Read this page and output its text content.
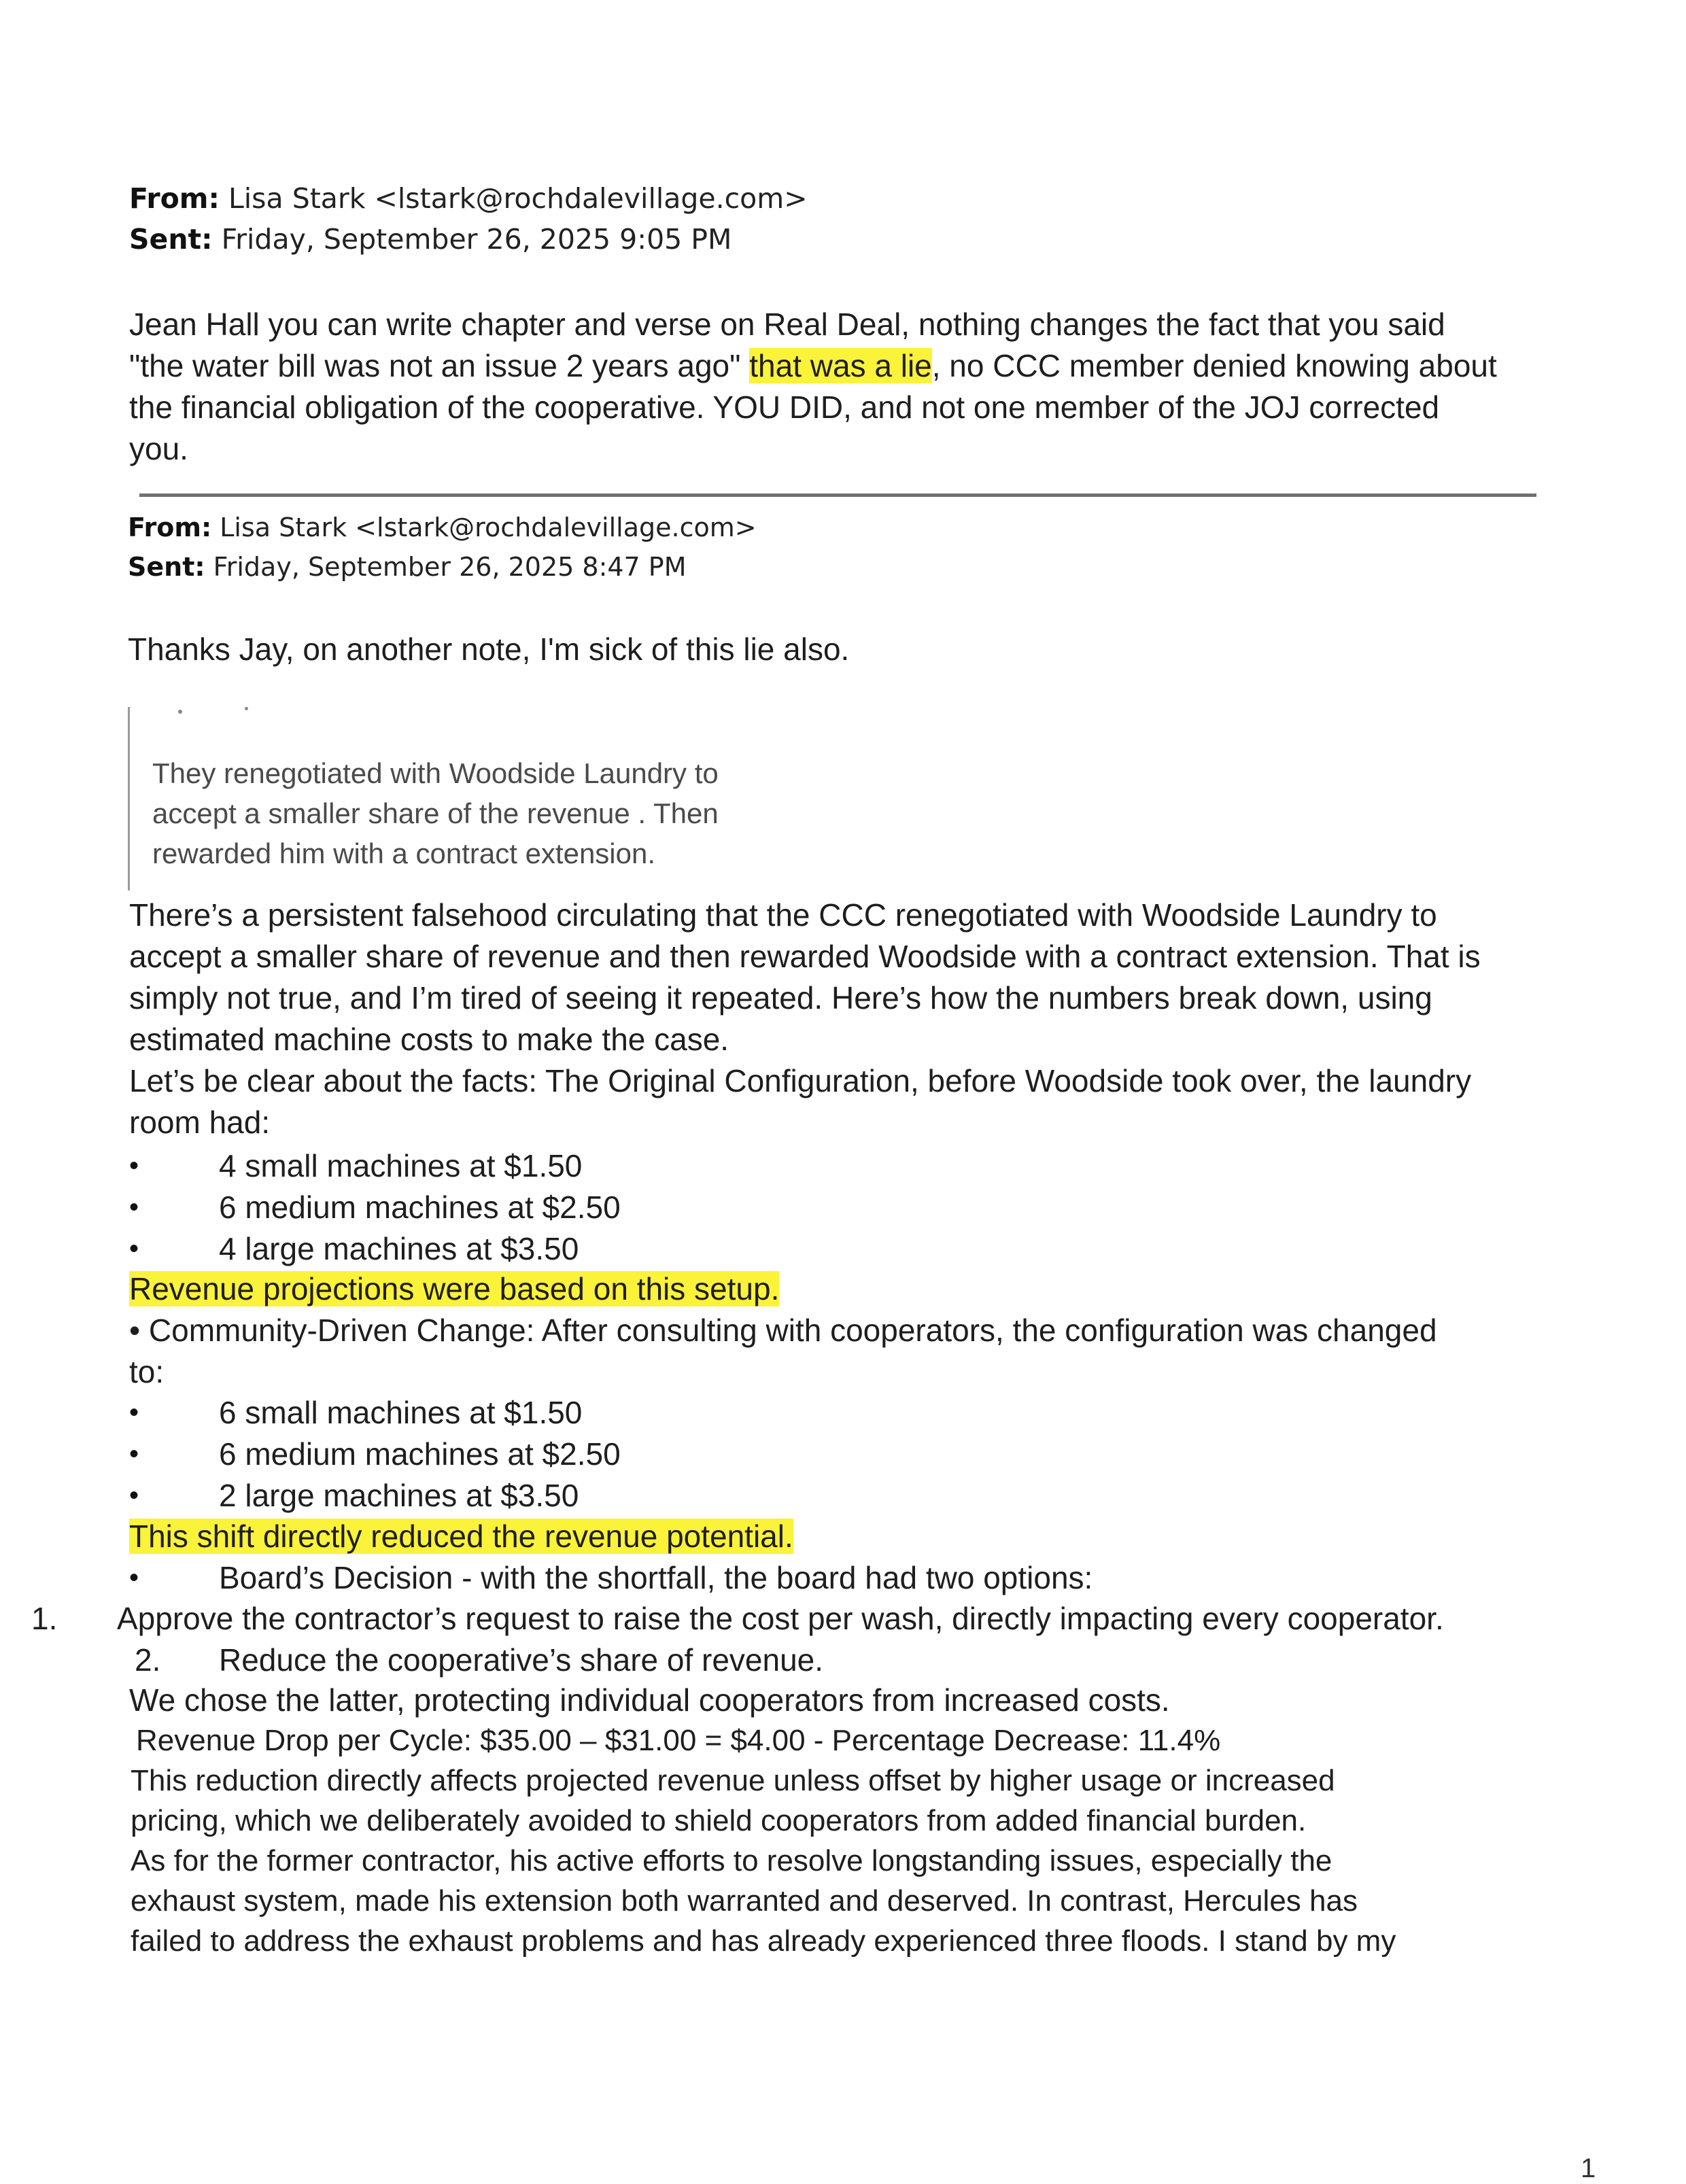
From: Lisa Stark <lstark@rochdalevillage.com>
Sent: Friday, September 26, 2025 9:05 PM
Jean Hall you can write chapter and verse on Real Deal, nothing changes the fact that you said
"the water bill was not an issue 2 years ago" that was a lie, no CCC member denied knowing about
the financial obligation of the cooperative. YOU DID, and not one member of the JOJ corrected
you.
From: Lisa Stark <lstark@rochdalevillage.com>
Sent: Friday, September 26, 2025 8:47 PM
Thanks Jay, on another note, I'm sick of this lie also.
They renegotiated with Woodside Laundry to
accept a smaller share of the revenue . Then
rewarded him with a contract extension.
There’s a persistent falsehood circulating that the CCC renegotiated with Woodside Laundry to
accept a smaller share of revenue and then rewarded Woodside with a contract extension. That is
simply not true, and I’m tired of seeing it repeated. Here’s how the numbers break down, using
estimated machine costs to make the case.
Let’s be clear about the facts: The Original Configuration, before Woodside took over, the laundry
room had:
•	4 small machines at $1.50
•	6 medium machines at $2.50
•	4 large machines at $3.50
Revenue projections were based on this setup.
• Community-Driven Change: After consulting with cooperators, the configuration was changed
to:
•	6 small machines at $1.50
•	6 medium machines at $2.50
•	2 large machines at $3.50
This shift directly reduced the revenue potential.
•	Board’s Decision - with the shortfall, the board had two options:
1. Approve the contractor’s request to raise the cost per wash, directly impacting every cooperator.
2. Reduce the cooperative’s share of revenue.
We chose the latter, protecting individual cooperators from increased costs.
Revenue Drop per Cycle: $35.00 – $31.00 = $4.00 - Percentage Decrease: 11.4%
This reduction directly affects projected revenue unless offset by higher usage or increased
pricing, which we deliberately avoided to shield cooperators from added financial burden.
As for the former contractor, his active efforts to resolve longstanding issues, especially the
exhaust system, made his extension both warranted and deserved. In contrast, Hercules has
failed to address the exhaust problems and has already experienced three floods. I stand by my
1
